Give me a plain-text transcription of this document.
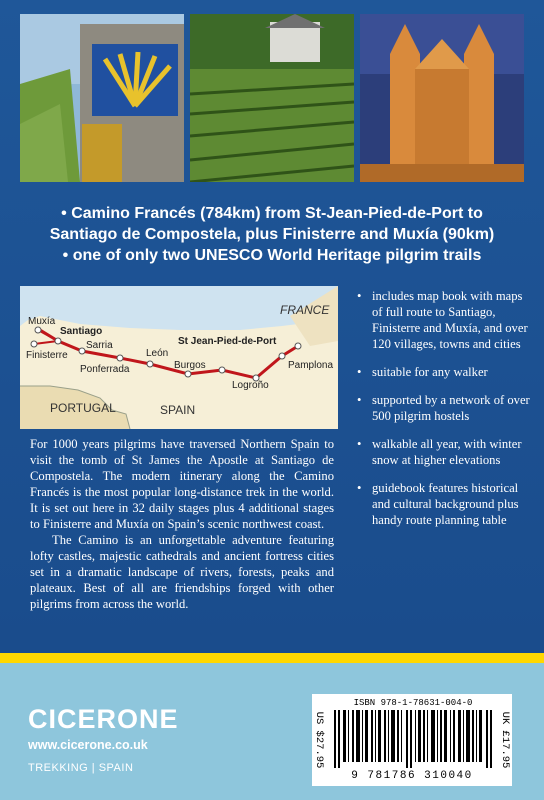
• Camino Francés (784km) from St-Jean-Pied-de-Port to
Santiago de Compostela, plus Finisterre and Muxía (90km)
• one of only two UNESCO World Heritage pilgrim trails
FRANCE
PORTUGAL	SPAIN
Muxía
Santiago
Finisterre
Sarria
Ponferrada
León
Burgos
Logroño
Pamplona
St Jean-Pied-de-Port

For 1000 years pilgrims have traversed Northern Spain to visit the tomb of St James the Apostle at Santiago de Compostela. The modern itinerary along the Camino Francés is the most popular long-distance trek in the world. It is set out here in 32 daily stages plus 4 additional stages to Finisterre and Muxía on Spain’s scenic northwest coast.

The Camino is an unforgettable adventure featuring lofty castles, majestic cathedrals and ancient fortress cities set in a dramatic landscape of rivers, forests, peaks and plateaux. Best of all are friendships forged with other pilgrims from across the world.

• includes map book with maps of full route to Santiago, Finisterre and Muxía, and over 120 villages, towns and cities
• suitable for any walker
• supported by a network of over 500 pilgrim hostels
• walkable all year, with winter snow at higher elevations
• guidebook features historical and cultural background plus handy route planning table
CICERONE
www.cicerone.co.uk
TREKKING | SPAIN	US $27.95	UK £17.95
ISBN 978-1-78631-004-0
9 781786 310040
